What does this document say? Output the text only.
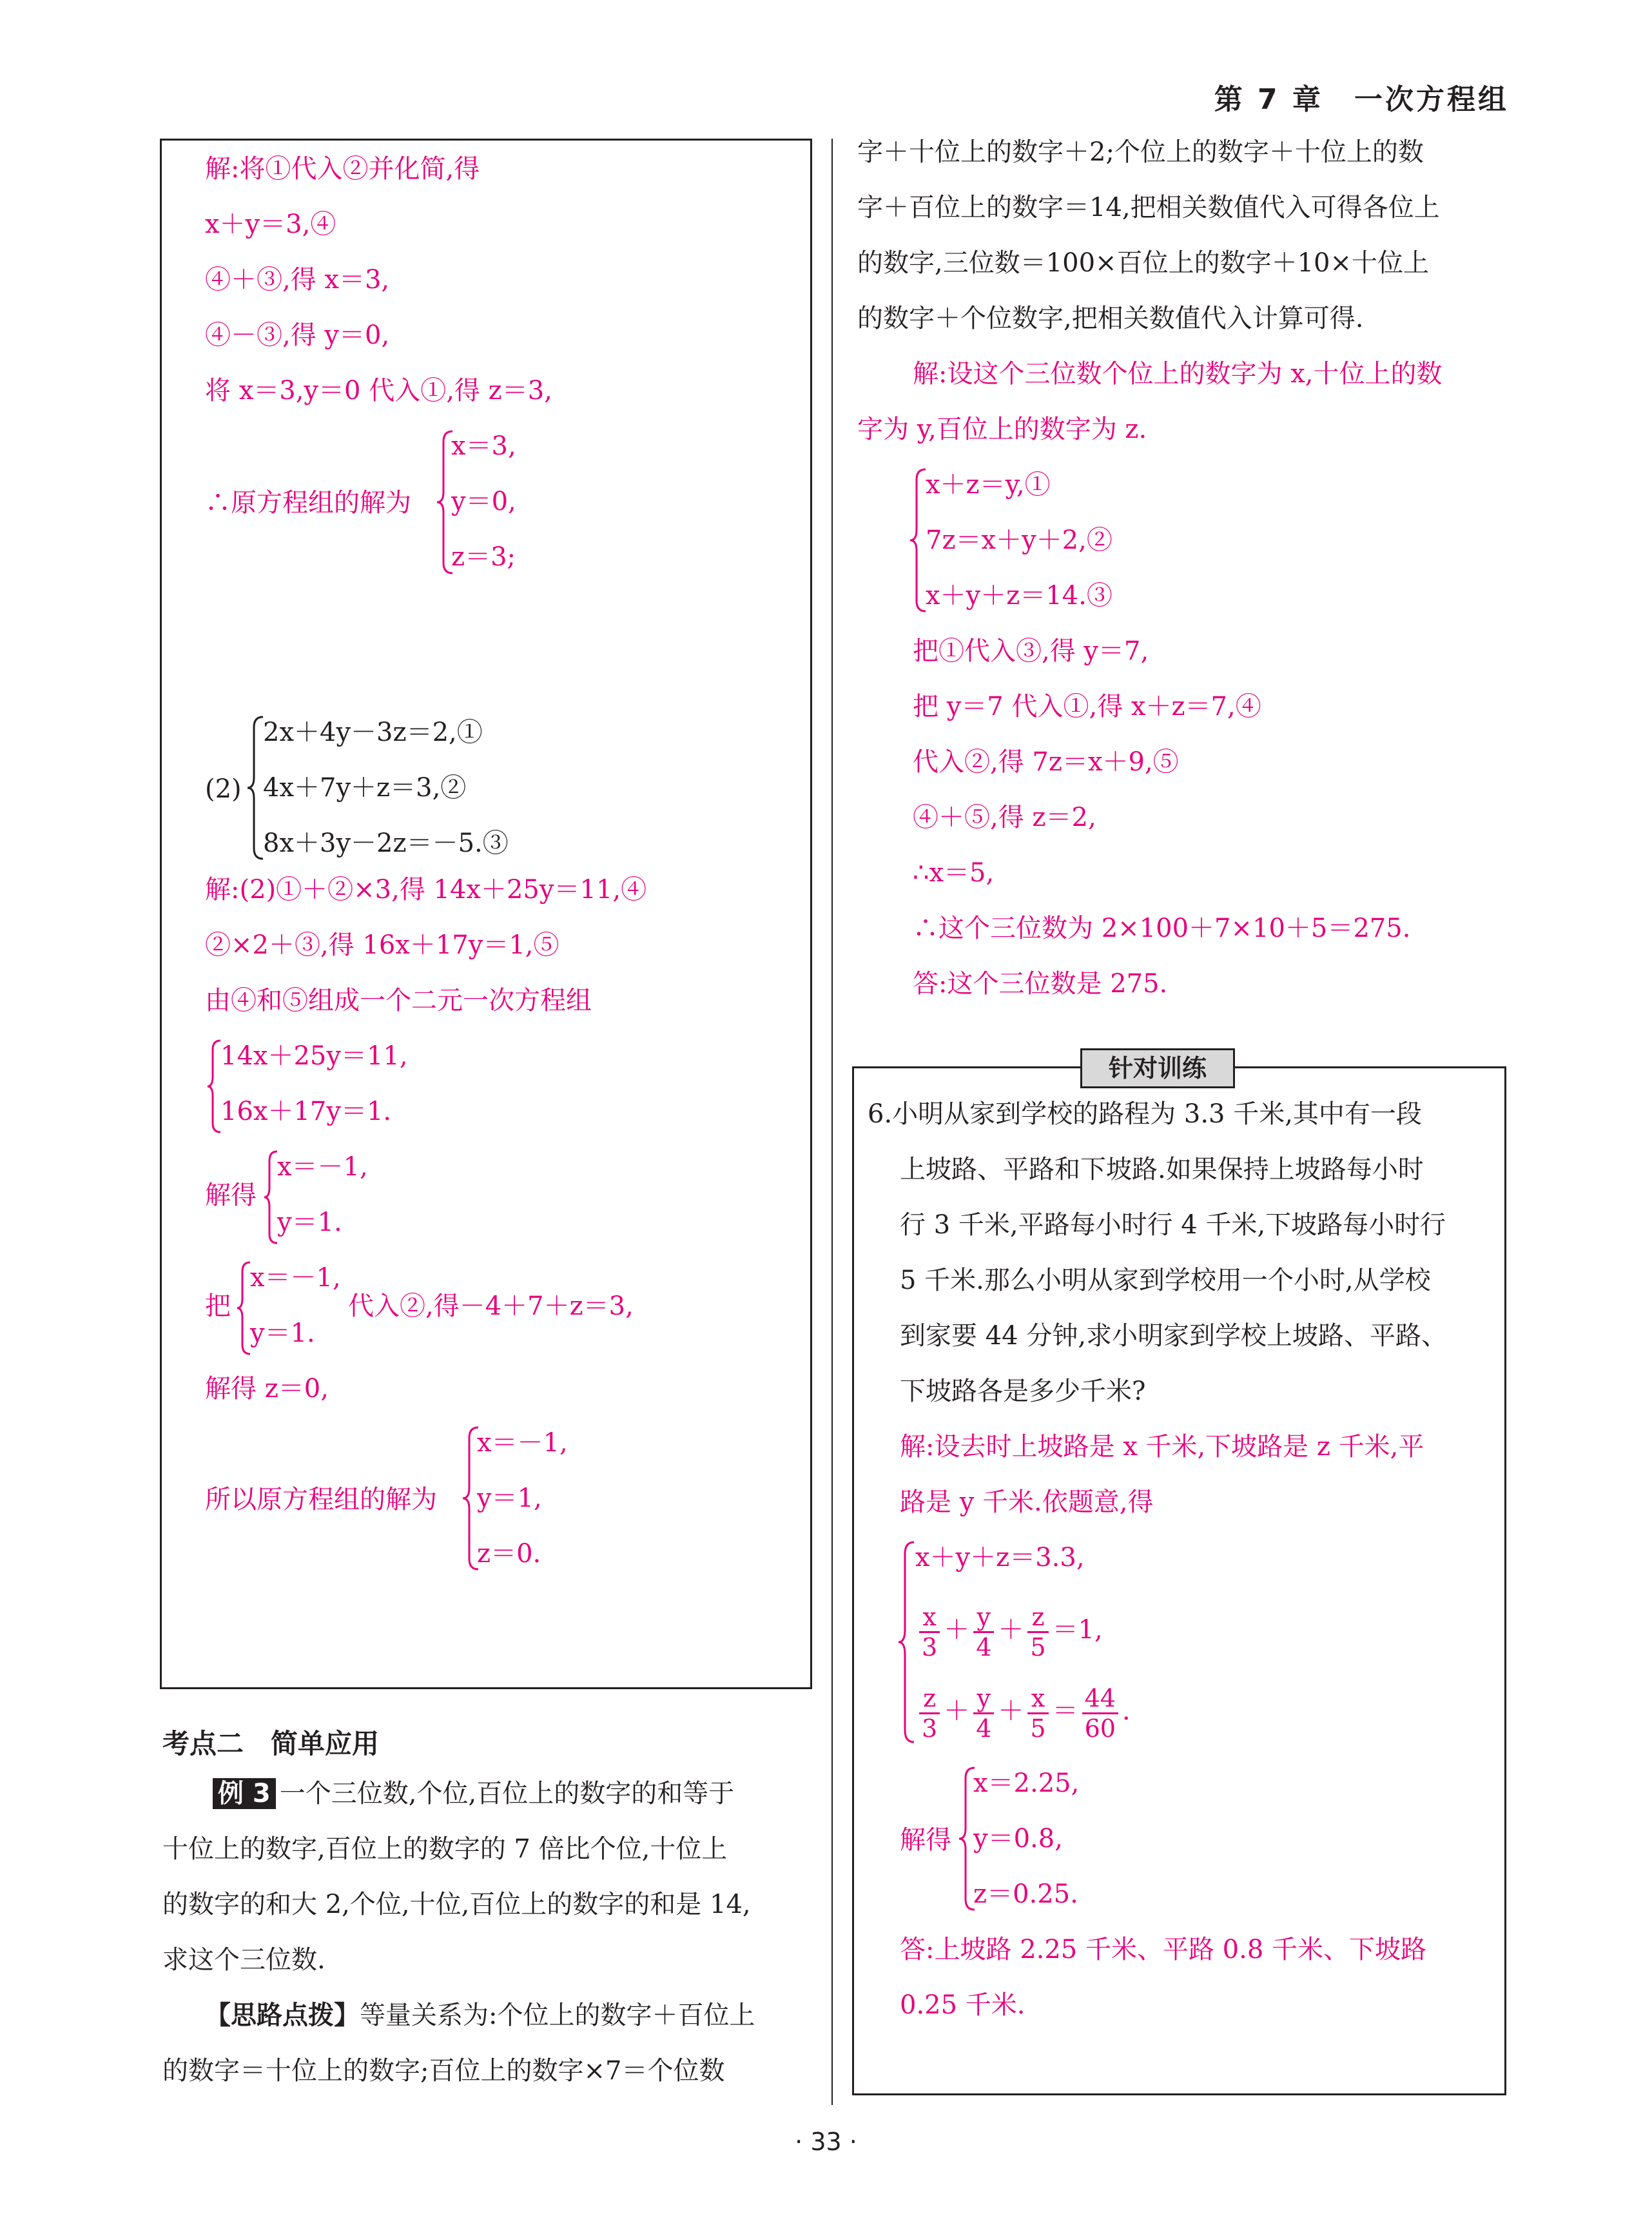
第 7 章　一次方程组
解:将①代入②并化简,得
x＋y＝3,④
④＋③,得 x＝3,
④－③,得 y＝0,
将 x＝3,y＝0 代入①,得 z＝3,
∴原方程组的解为
x＝3,
y＝0,
z＝3;
(2)
2x＋4y－3z＝2,①
4x＋7y＋z＝3,②
8x＋3y－2z＝－5.③
解:(2)①＋②×3,得 14x＋25y＝11,④
②×2＋③,得 16x＋17y＝1,⑤
由④和⑤组成一个二元一次方程组
14x＋25y＝11,
16x＋17y＝1.
解得
x＝－1,
y＝1.
把
x＝－1,
y＝1.
代入②,得－4＋7＋z＝3,
解得 z＝0,
所以原方程组的解为
x＝－1,
y＝1,
z＝0.
考点二　简单应用
例 3 一个三位数,个位,百位上的数字的和等于
十位上的数字,百位上的数字的 7 倍比个位,十位上
的数字的和大 2,个位,十位,百位上的数字的和是 14,
求这个三位数.
【思路点拨】等量关系为:个位上的数字＋百位上
的数字＝十位上的数字;百位上的数字×7＝个位数
字＋十位上的数字＋2;个位上的数字＋十位上的数
字＋百位上的数字＝14,把相关数值代入可得各位上
的数字,三位数＝100×百位上的数字＋10×十位上
的数字＋个位数字,把相关数值代入计算可得.
解:设这个三位数个位上的数字为 x,十位上的数
字为 y,百位上的数字为 z.
x＋z＝y,①
7z＝x＋y＋2,②
x＋y＋z＝14.③
把①代入③,得 y＝7,
把 y＝7 代入①,得 x＋z＝7,④
代入②,得 7z＝x＋9,⑤
④＋⑤,得 z＝2,
∴x＝5,
∴这个三位数为 2×100＋7×10＋5＝275.
答:这个三位数是 275.
针对训练
6.小明从家到学校的路程为 3.3 千米,其中有一段
上坡路、平路和下坡路.如果保持上坡路每小时
行 3 千米,平路每小时行 4 千米,下坡路每小时行
5 千米.那么小明从家到学校用一个小时,从学校
到家要 44 分钟,求小明家到学校上坡路、平路、
下坡路各是多少千米?
解:设去时上坡路是 x 千米,下坡路是 z 千米,平
路是 y 千米.依题意,得
x＋y＋z＝3.3,
$\frac{x}{3} + \frac{y}{4} + \frac{z}{5} =1$,
$\frac{z}{3} + \frac{y}{4} + \frac{x}{5} = \frac{44}{60}$ .
解得
x＝2.25,
y＝0.8,
z＝0.25.
答:上坡路 2.25 千米、平路 0.8 千米、下坡路
0.25 千米.
· 33 ·
